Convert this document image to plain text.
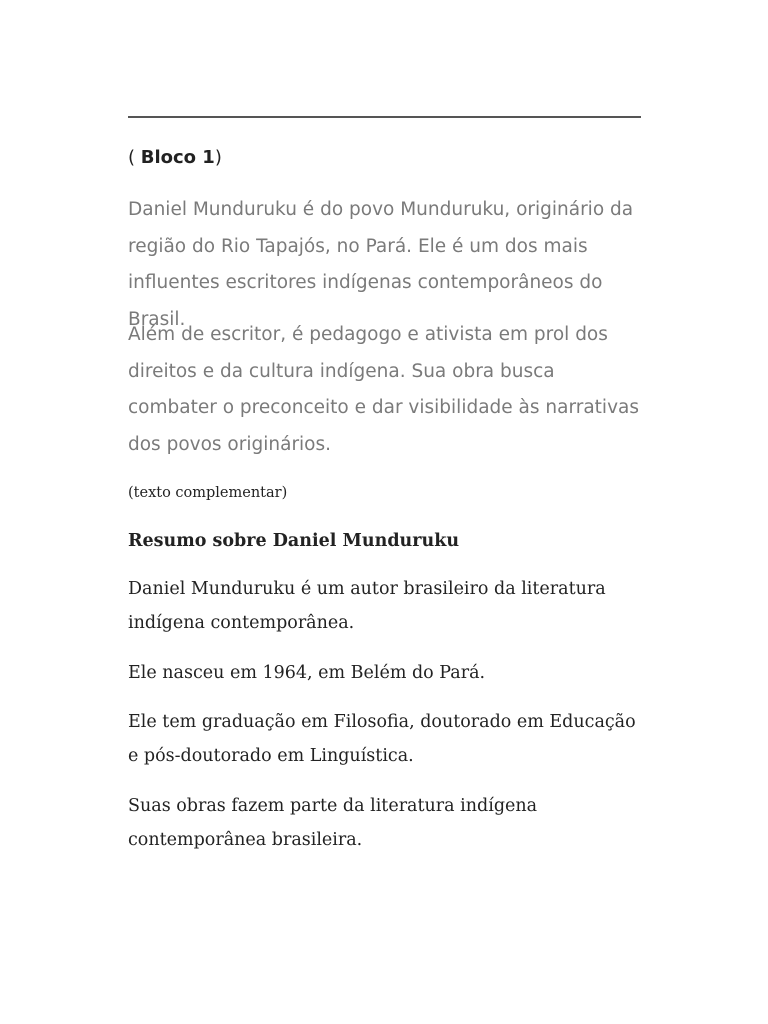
( Bloco 1)

Daniel Munduruku é do povo Munduruku, originário da região do Rio Tapajós, no Pará. Ele é um dos mais influentes escritores indígenas contemporâneos do Brasil.

Além de escritor, é pedagogo e ativista em prol dos direitos e da cultura indígena. Sua obra busca combater o preconceito e dar visibilidade às narrativas dos povos originários.

(texto complementar)
Resumo sobre Daniel Munduruku

Daniel Munduruku é um autor brasileiro da literatura indígena contemporânea.

Ele nasceu em 1964, em Belém do Pará.

Ele tem graduação em Filosofia, doutorado em Educação e pós-doutorado em Linguística.

Suas obras fazem parte da literatura indígena contemporânea brasileira.
